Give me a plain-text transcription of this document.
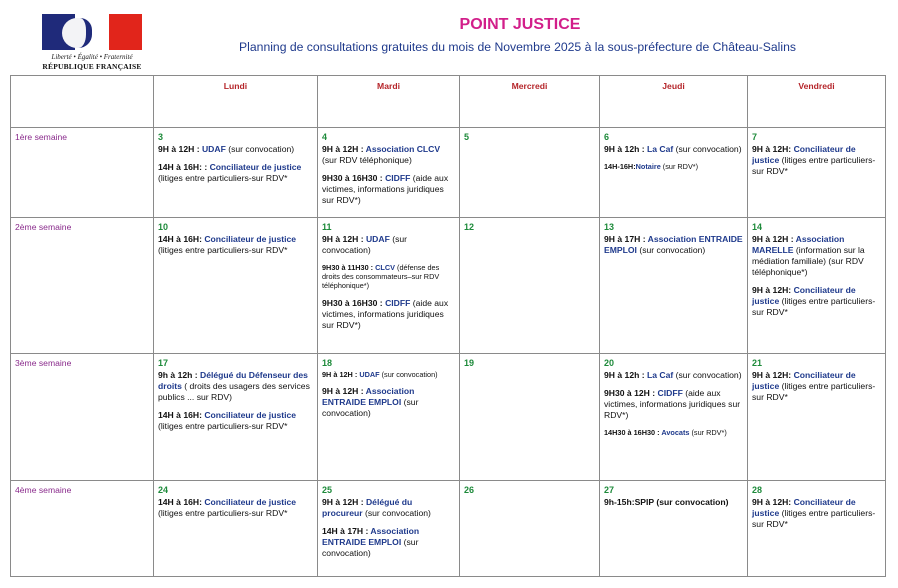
Liberté • Égalité • Fraternité
RÉPUBLIQUE FRANÇAISE
POINT JUSTICE
Planning de consultations gratuites du mois de Novembre 2025 à la sous-préfecture de Château-Salins
	Lundi	Mardi	Mercredi	Jeudi	Vendredi
1ère semaine	3
9H à 12H : UDAF (sur convocation)
14H à 16H: : Conciliateur de justice (litiges entre particuliers-sur RDV*	4
9H à 12H : Association CLCV (sur RDV téléphonique)
9H30 à 16H30 : CIDFF (aide aux victimes, informations juridiques sur RDV*)	5	6
9H à 12h : La Caf (sur convocation)
14H-16H:Notaire (sur RDV*)	7
9H à 12H: Conciliateur de justice (litiges entre particuliers-sur RDV*

2ème semaine	10
14H à 16H: Conciliateur de justice (litiges entre particuliers-sur RDV*	11
9H à 12H : UDAF (sur convocation)
9H30 à 11H30 : CLCV (défense des droits des consommateurs–sur RDV téléphonique*)
9H30 à 16H30 : CIDFF (aide aux victimes, informations juridiques sur RDV*)	12	13
9H à 17H : Association ENTRAIDE EMPLOI (sur convocation)	14
9H à 12H : Association MARELLE (information sur la médiation familiale) (sur RDV téléphonique*)
9H à 12H: Conciliateur de justice (litiges entre particuliers-sur RDV*

3ème semaine	17
9h à 12h : Délégué du Défenseur des droits ( droits des usagers des services publics ... sur RDV)
14H à 16H: Conciliateur de justice (litiges entre particuliers-sur RDV*	18
9H à 12H : UDAF (sur convocation)
9H à 12H : Association ENTRAIDE EMPLOI (sur convocation)	19	20
9H à 12h : La Caf (sur convocation)
9H30 à 12H : CIDFF (aide aux victimes, informations juridiques sur RDV*)
14H30 à 16H30 : Avocats (sur RDV*)	21
9H à 12H: Conciliateur de justice (litiges entre particuliers-sur RDV*

4ème semaine	24
14H à 16H: Conciliateur de justice (litiges entre particuliers-sur RDV*	25
9H à 12H : Délégué du procureur (sur convocation)
14H à 17H : Association ENTRAIDE EMPLOI (sur convocation)	26	27
9h-15h:SPIP (sur convocation)	28
9H à 12H: Conciliateur de justice (litiges entre particuliers-sur RDV*
